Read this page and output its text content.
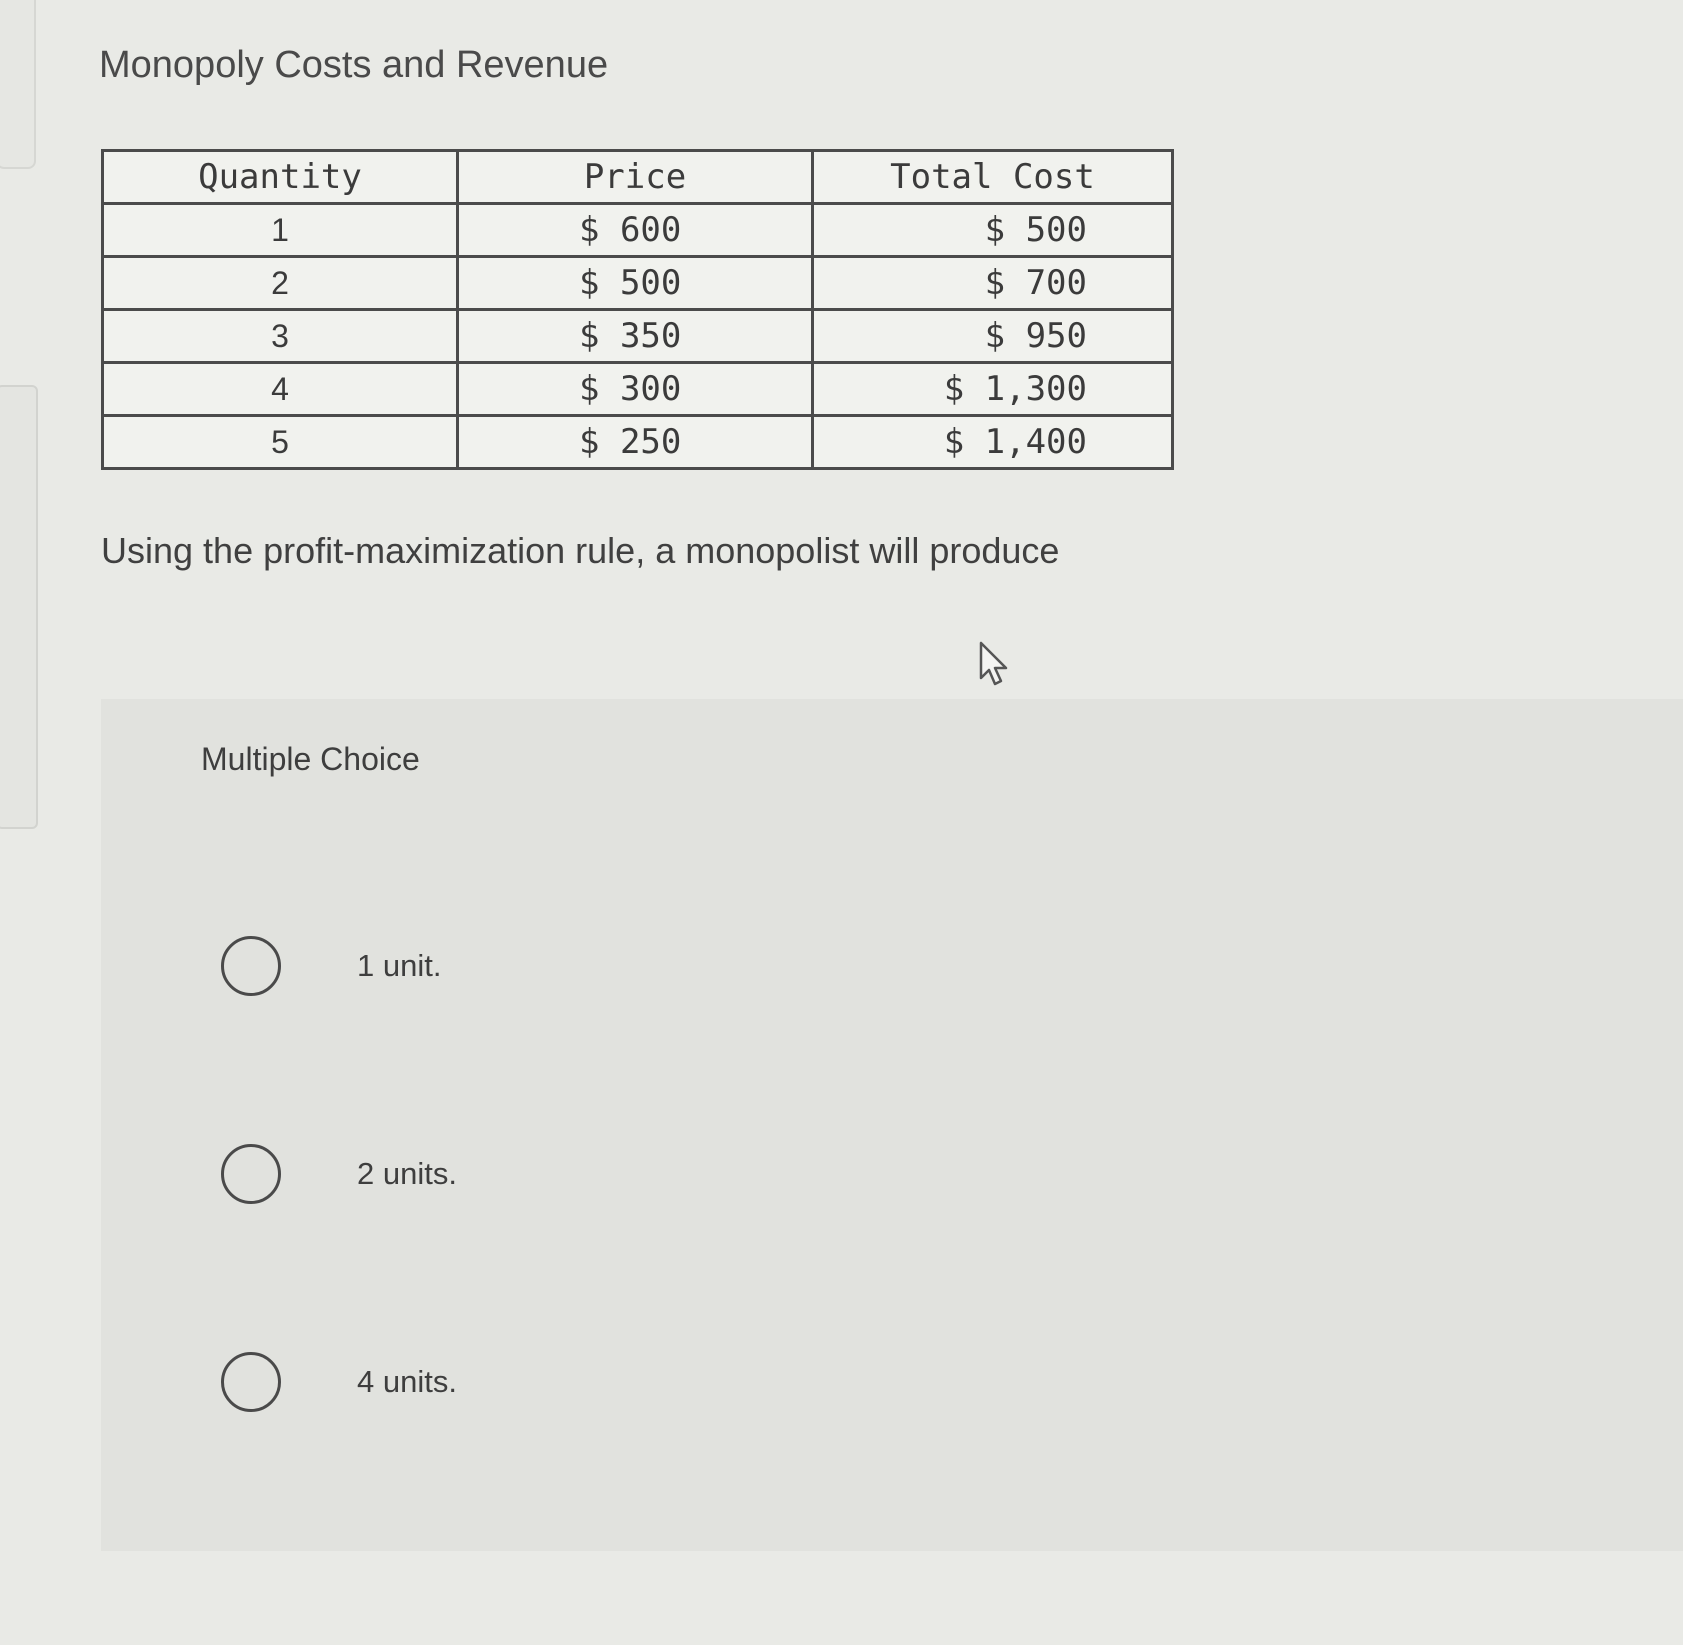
Monopoly Costs and Revenue
Quantity	Price	Total Cost
1	$ 600	$ 500
2	$ 500	$ 700
3	$ 350	$ 950
4	$ 300	$ 1,300
5	$ 250	$ 1,400
Using the profit-maximization rule, a monopolist will produce
Multiple Choice
1 unit.
2 units.
4 units.
